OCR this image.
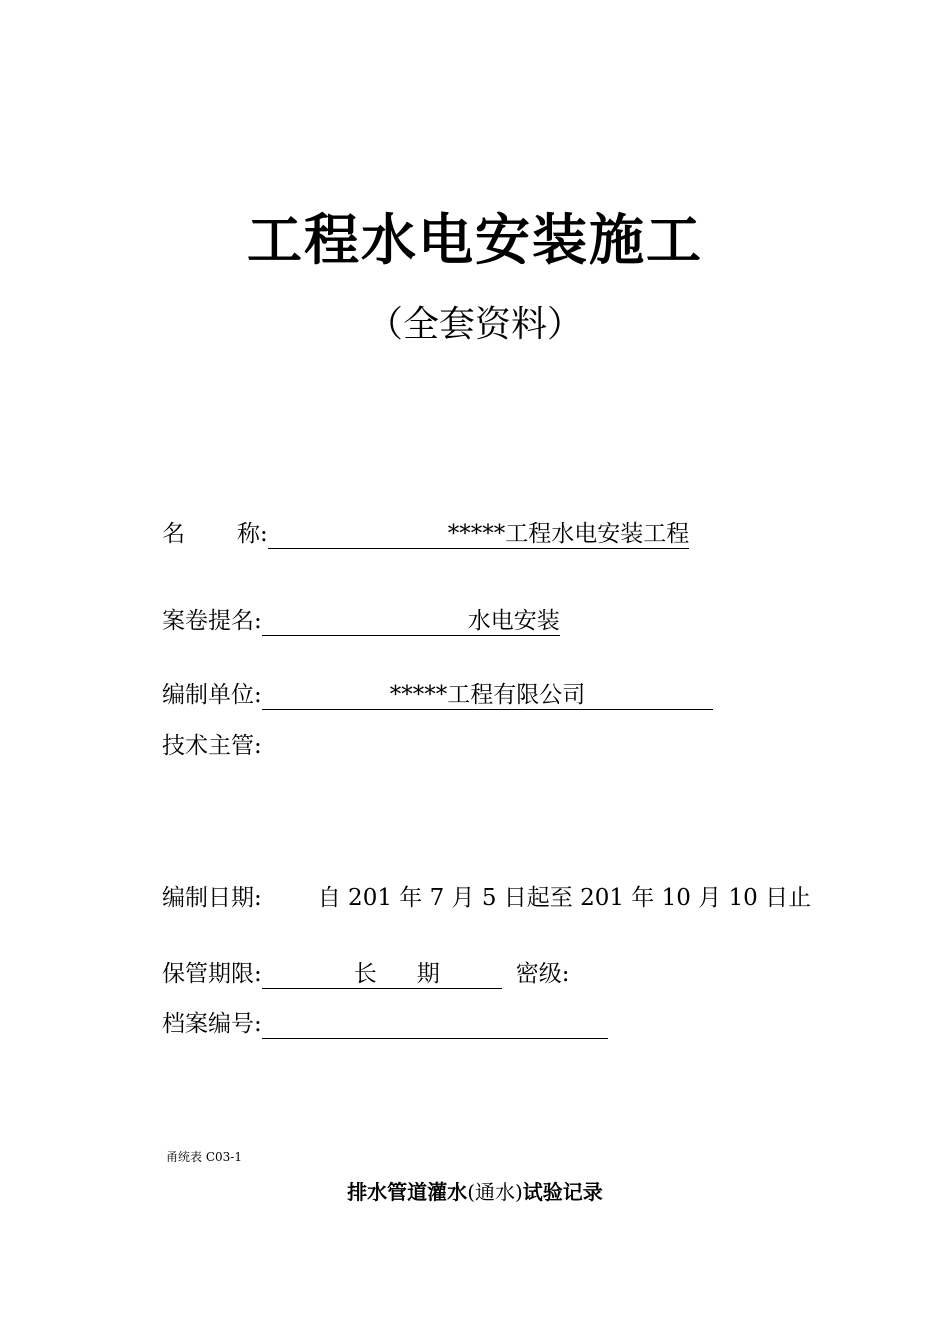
工程水电安装施工
（全套资料）
名 称:	*****工程水电安装工程
案卷提名:	水电安装
编制单位:	*****工程有限公司
技术主管:
编制日期: 自 201 年 7 月 5 日起至 201 年 10 月 10 日止
保管期限:	长 期	密级:
档案编号:
甬统表 C03-1
排水管道灌水(通水)试验记录
